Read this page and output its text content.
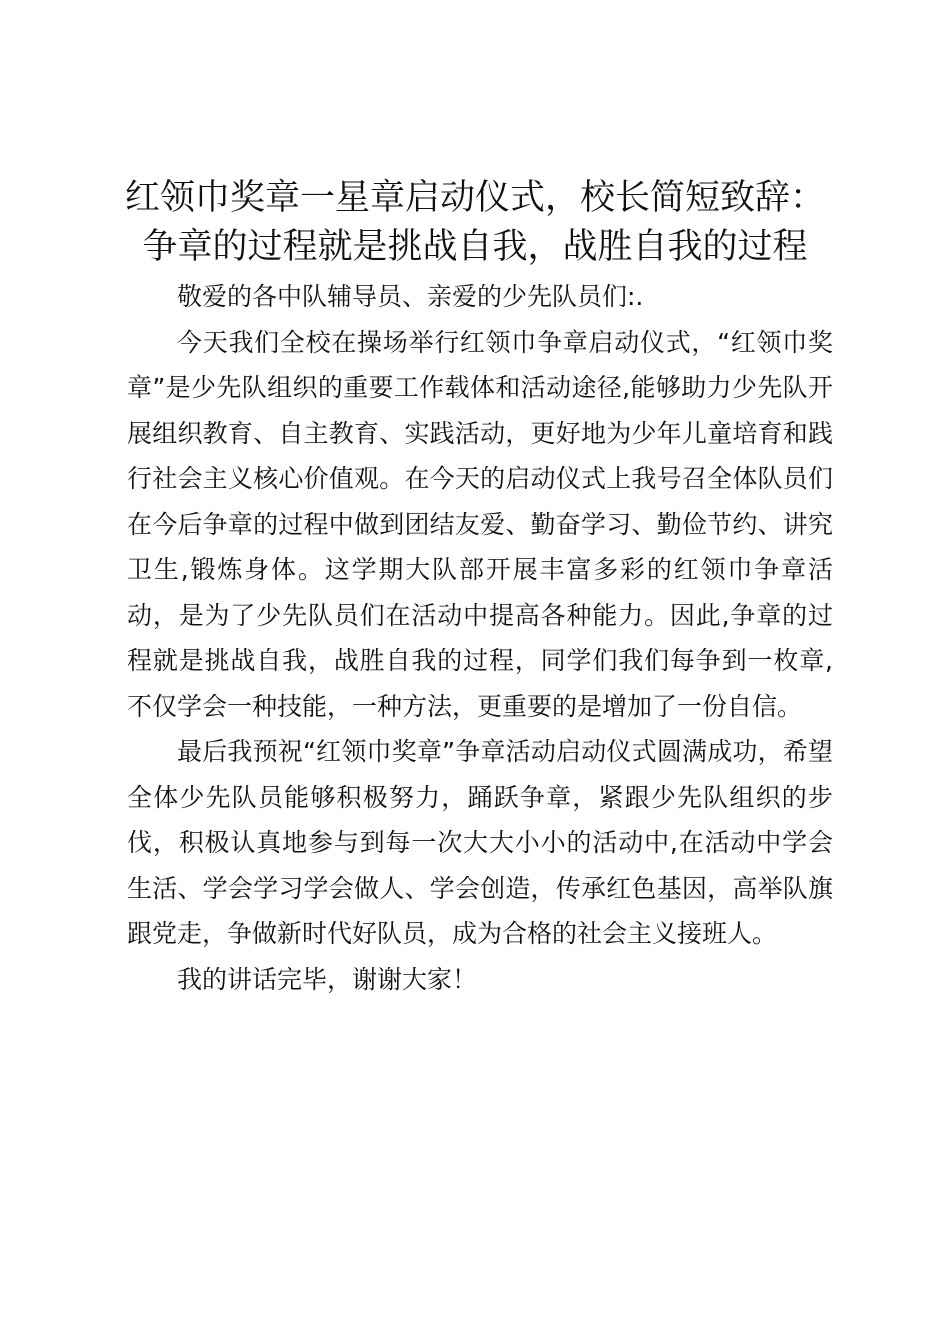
红领巾奖章一星章启动仪式，校长简短致辞：
争章的过程就是挑战自我，战胜自我的过程

敬爱的各中队辅导员、亲爱的少先队员们:.

今天我们全校在操场举行红领巾争章启动仪式，“红领巾奖章”是少先队组织的重要工作载体和活动途径,能够助力少先队开展组织教育、自主教育、实践活动，更好地为少年儿童培育和践行社会主义核心价值观。在今天的启动仪式上我号召全体队员们在今后争章的过程中做到团结友爱、勤奋学习、勤俭节约、讲究卫生,锻炼身体。这学期大队部开展丰富多彩的红领巾争章活动，是为了少先队员们在活动中提高各种能力。因此,争章的过程就是挑战自我，战胜自我的过程，同学们我们每争到一枚章,不仅学会一种技能，一种方法，更重要的是增加了一份自信。

最后我预祝“红领巾奖章”争章活动启动仪式圆满成功，希望全体少先队员能够积极努力，踊跃争章，紧跟少先队组织的步伐，积极认真地参与到每一次大大小小的活动中,在活动中学会生活、学会学习学会做人、学会创造，传承红色基因，高举队旗跟党走，争做新时代好队员，成为合格的社会主义接班人。

我的讲话完毕，谢谢大家！
